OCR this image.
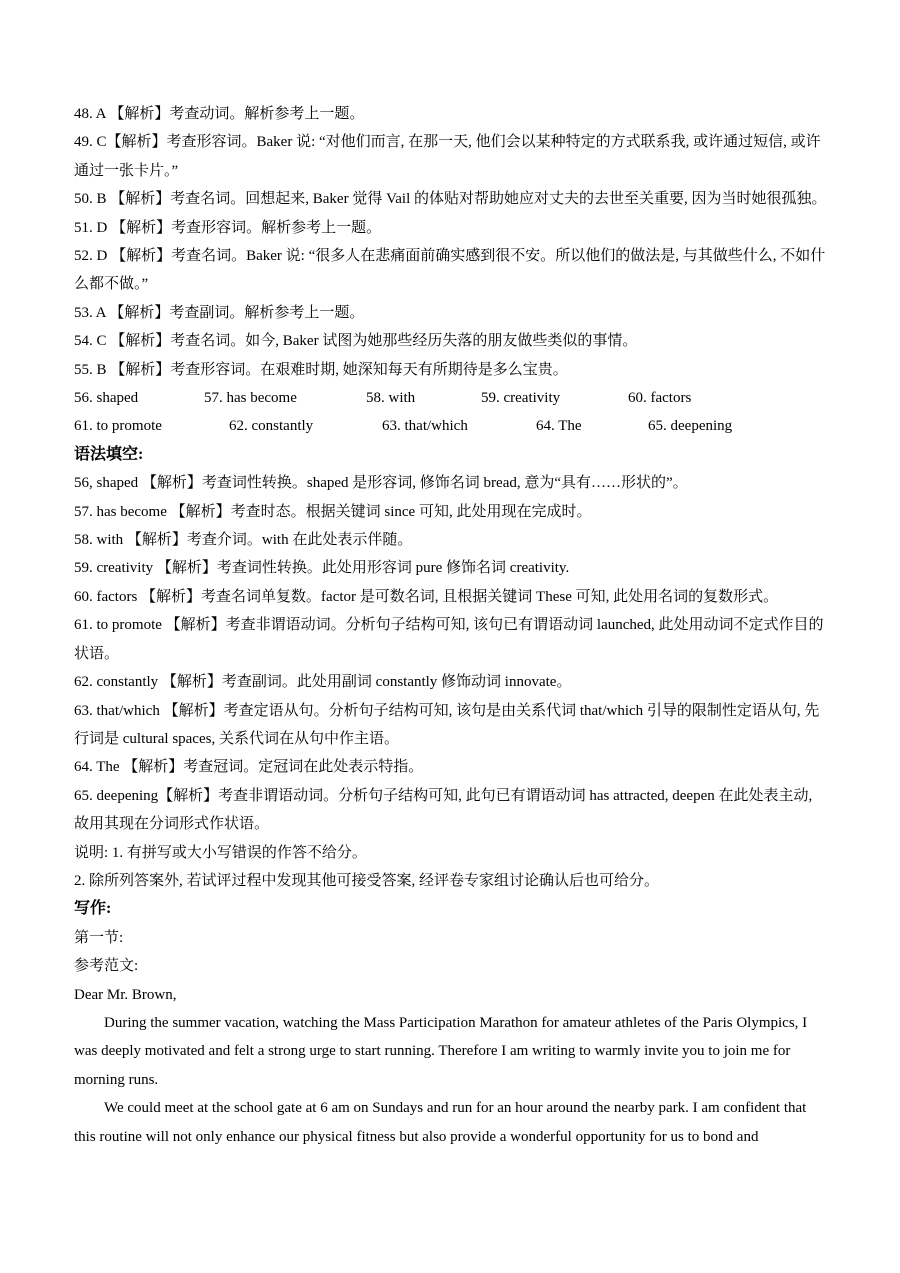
48. A 【解析】考查动词。解析参考上一题。
49. C【解析】考查形容词。Baker 说: “对他们而言, 在那一天, 他们会以某种特定的方式联系我, 或许通过短信, 或许通过一张卡片。”
50. B 【解析】考查名词。回想起来, Baker 觉得 Vail 的体贴对帮助她应对丈夫的去世至关重要, 因为当时她很孤独。
51. D 【解析】考查形容词。解析参考上一题。
52. D 【解析】考查名词。Baker 说: “很多人在悲痛面前确实感到很不安。所以他们的做法是, 与其做些什么, 不如什么都不做。”
53. A 【解析】考查副词。解析参考上一题。
54. C 【解析】考查名词。如今, Baker 试图为她那些经历失落的朋友做些类似的事情。
55. B 【解析】考查形容词。在艰难时期, 她深知每天有所期待是多么宝贵。
56. shaped	57. has become	58. with	59. creativity	60. factors
61. to promote	62. constantly	63. that/which	64. The	65. deepening
语法填空:
56, shaped 【解析】考查词性转换。shaped 是形容词, 修饰名词 bread, 意为“具有……形状的”。
57. has become 【解析】考查时态。根据关键词 since 可知, 此处用现在完成时。
58. with 【解析】考查介词。with 在此处表示伴随。
59. creativity 【解析】考查词性转换。此处用形容词 pure 修饰名词 creativity.
60. factors 【解析】考查名词单复数。factor 是可数名词, 且根据关键词 These 可知, 此处用名词的复数形式。
61. to promote 【解析】考查非谓语动词。分析句子结构可知, 该句已有谓语动词 launched, 此处用动词不定式作目的状语。
62. constantly 【解析】考查副词。此处用副词 constantly 修饰动词 innovate。
63. that/which 【解析】考查定语从句。分析句子结构可知, 该句是由关系代词 that/which 引导的限制性定语从句, 先行词是 cultural spaces, 关系代词在从句中作主语。
64. The 【解析】考查冠词。定冠词在此处表示特指。
65. deepening【解析】考查非谓语动词。分析句子结构可知, 此句已有谓语动词 has attracted, deepen 在此处表主动, 故用其现在分词形式作状语。
说明: 1. 有拼写或大小写错误的作答不给分。
2. 除所列答案外, 若试评过程中发现其他可接受答案, 经评卷专家组讨论确认后也可给分。
写作:
第一节:
参考范文:
Dear Mr. Brown,
During the summer vacation, watching the Mass Participation Marathon for amateur athletes of the Paris Olympics, I was deeply motivated and felt a strong urge to start running. Therefore I am writing to warmly invite you to join me for morning runs.
We could meet at the school gate at 6 am on Sundays and run for an hour around the nearby park. I am confident that this routine will not only enhance our physical fitness but also provide a wonderful opportunity for us to bond and
